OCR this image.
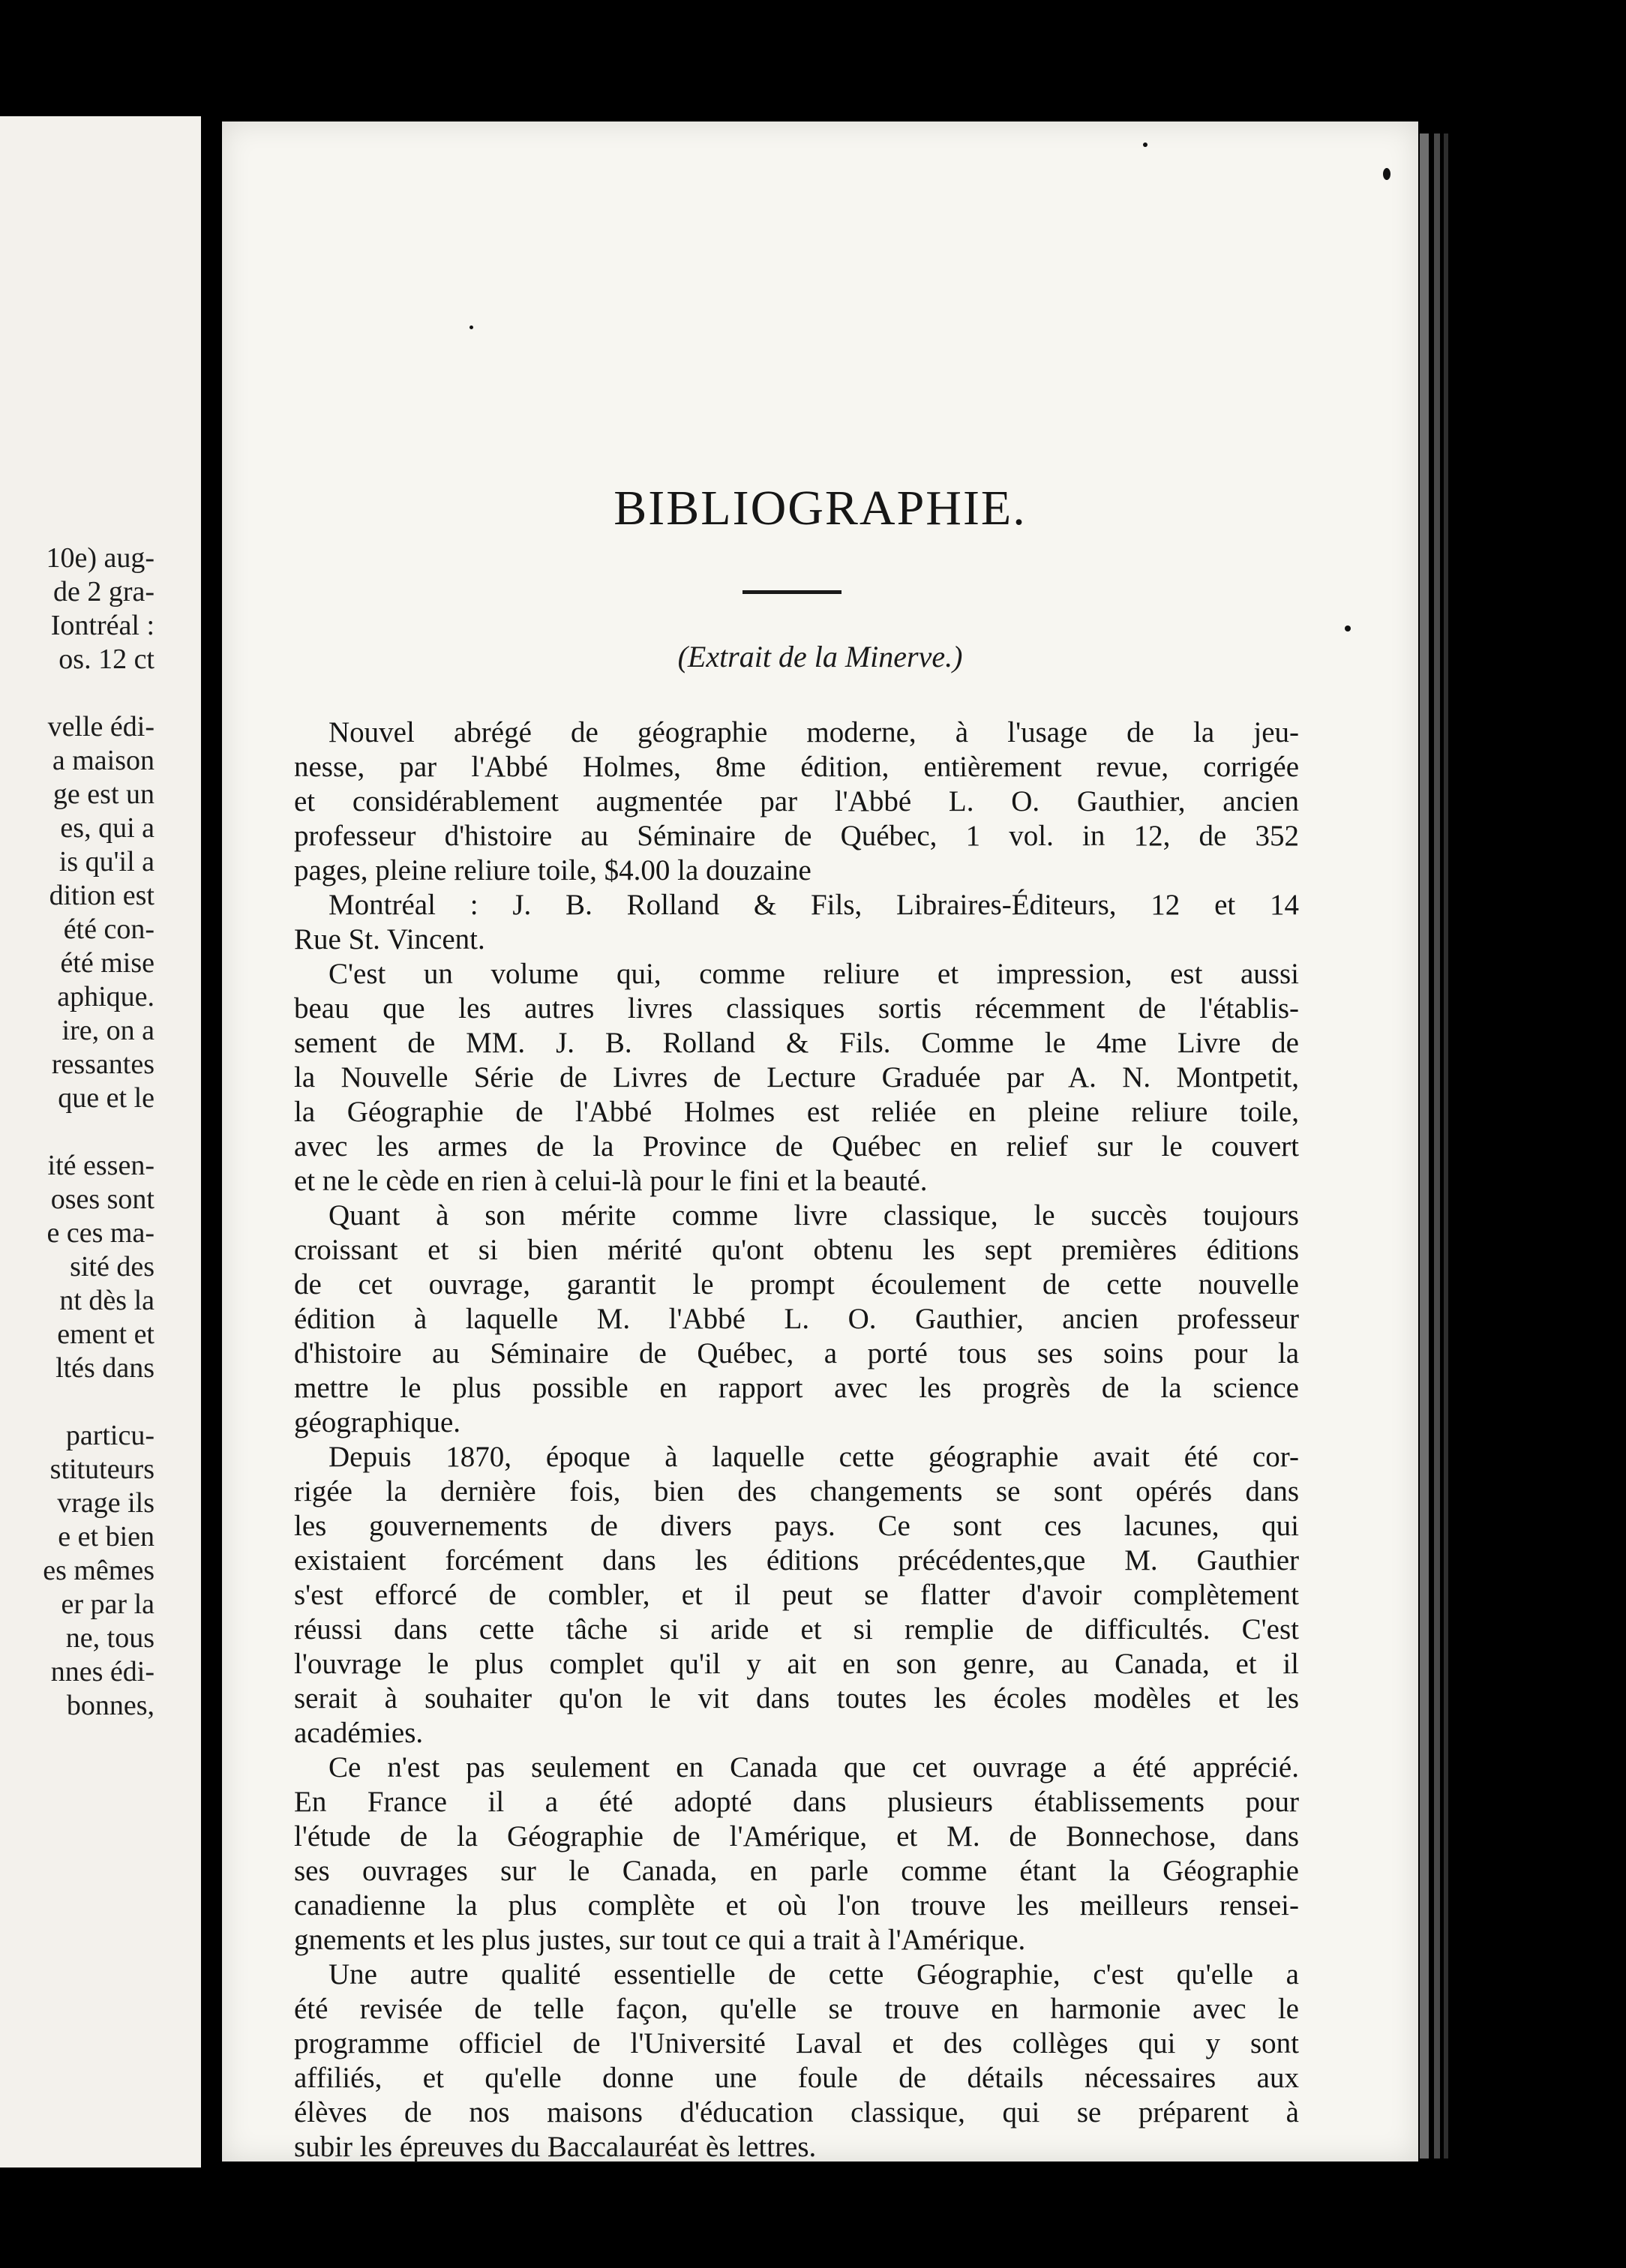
10e) aug-
de 2 gra-
Iontréal :
os. 12 ct
velle édi-
a maison
ge est un
es, qui a
is qu'il a
dition est
été con-
été mise
aphique.
ire, on a
ressantes
que et le
ité essen-
oses sont
e ces ma-
sité des
nt dès la
ement et
ltés dans
particu-
stituteurs
vrage ils
e et bien
es mêmes
er par la
ne, tous
nnes édi-
bonnes,
BIBLIOGRAPHIE.
(Extrait de la Minerve.)
Nouvel abrégé de géographie moderne, à l'usage de la jeu-
nesse, par l'Abbé Holmes, 8me édition, entièrement revue, corrigée
et considérablement augmentée par l'Abbé L. O. Gauthier, ancien
professeur d'histoire au Séminaire de Québec, 1 vol. in 12, de 352
pages, pleine reliure toile, $4.00 la douzaine
Montréal : J. B. Rolland & Fils, Libraires-Éditeurs, 12 et 14
Rue St. Vincent.
C'est un volume qui, comme reliure et impression, est aussi
beau que les autres livres classiques sortis récemment de l'établis-
sement de MM. J. B. Rolland & Fils. Comme le 4me Livre de
la Nouvelle Série de Livres de Lecture Graduée par A. N. Montpetit,
la Géographie de l'Abbé Holmes est reliée en pleine reliure toile,
avec les armes de la Province de Québec en relief sur le couvert
et ne le cède en rien à celui-là pour le fini et la beauté.
Quant à son mérite comme livre classique, le succès toujours
croissant et si bien mérité qu'ont obtenu les sept premières éditions
de cet ouvrage, garantit le prompt écoulement de cette nouvelle
édition à laquelle M. l'Abbé L. O. Gauthier, ancien professeur
d'histoire au Séminaire de Québec, a porté tous ses soins pour la
mettre le plus possible en rapport avec les progrès de la science
géographique.
Depuis 1870, époque à laquelle cette géographie avait été cor-
rigée la dernière fois, bien des changements se sont opérés dans
les gouvernements de divers pays. Ce sont ces lacunes, qui
existaient forcément dans les éditions précédentes,que M. Gauthier
s'est efforcé de combler, et il peut se flatter d'avoir complètement
réussi dans cette tâche si aride et si remplie de difficultés. C'est
l'ouvrage le plus complet qu'il y ait en son genre, au Canada, et il
serait à souhaiter qu'on le vit dans toutes les écoles modèles et les
académies.
Ce n'est pas seulement en Canada que cet ouvrage a été apprécié.
En France il a été adopté dans plusieurs établissements pour
l'étude de la Géographie de l'Amérique, et M. de Bonnechose, dans
ses ouvrages sur le Canada, en parle comme étant la Géographie
canadienne la plus complète et où l'on trouve les meilleurs rensei-
gnements et les plus justes, sur tout ce qui a trait à l'Amérique.
Une autre qualité essentielle de cette Géographie, c'est qu'elle a
été revisée de telle façon, qu'elle se trouve en harmonie avec le
programme officiel de l'Université Laval et des collèges qui y sont
affiliés, et qu'elle donne une foule de détails nécessaires aux
élèves de nos maisons d'éducation classique, qui se préparent à
subir les épreuves du Baccalauréat ès lettres.
